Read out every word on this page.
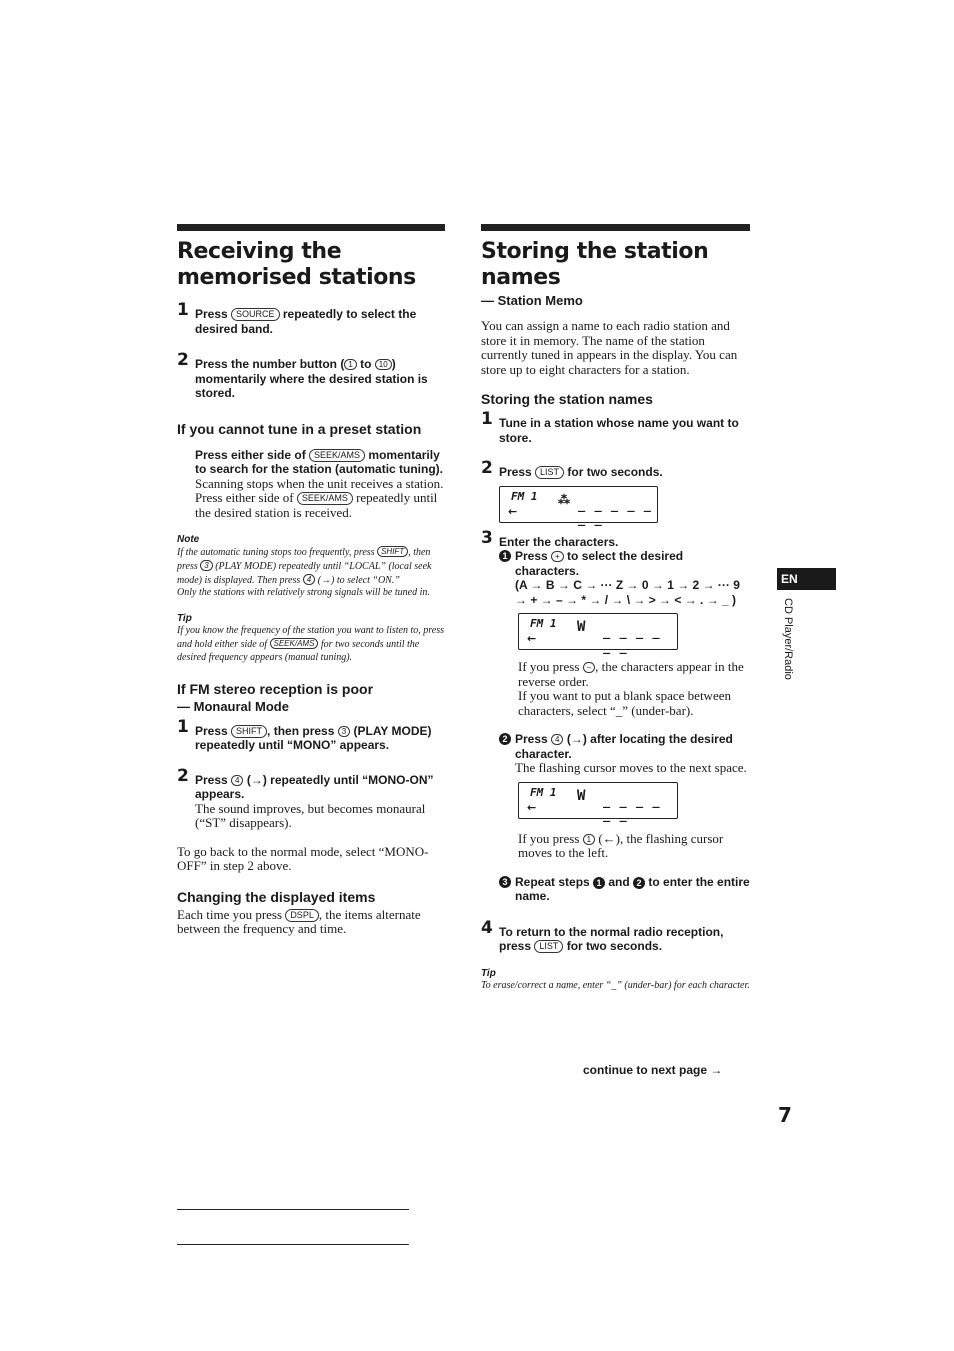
Receiving the memorised stations
1 Press SOURCE repeatedly to select the desired band.
2 Press the number button ( 1 to 10 ) momentarily where the desired station is stored.
If you cannot tune in a preset station
Press either side of SEEK/AMS momentarily to search for the station (automatic tuning).
Scanning stops when the unit receives a station. Press either side of SEEK/AMS repeatedly until the desired station is received.
Note
If the automatic tuning stops too frequently, press SHIFT , then press 3 (PLAY MODE) repeatedly until “LOCAL” (local seek mode) is displayed. Then press 4 (→) to select “ON.”
Only the stations with relatively strong signals will be tuned in.
Tip
If you know the frequency of the station you want to listen to, press and hold either side of SEEK/AMS for two seconds until the desired frequency appears (manual tuning).
If FM stereo reception is poor
— Monaural Mode
1 Press SHIFT , then press 3 (PLAY MODE) repeatedly until “MONO” appears.
2 Press 4 (→) repeatedly until “MONO-ON” appears.
The sound improves, but becomes monaural (“ST” disappears).
To go back to the normal mode, select “MONO-OFF” in step 2 above.
Changing the displayed items
Each time you press DSPL , the items alternate between the frequency and time.
Storing the station names
— Station Memo
You can assign a name to each radio station and store it in memory. The name of the station currently tuned in appears in the display. You can store up to eight characters for a station.
Storing the station names
1 Tune in a station whose name you want to store.
2 Press LIST for two seconds.
FM 1
←
⁂ _ _ _ _ _ _ _
3 Enter the characters.
1 Press + to select the desired characters.
(A → B → C → ··· Z → 0 → 1 → 2 → ··· 9 → + → – → * → / → \ → > → < → . → _ )
FM 1
←
W _ _ _ _ _ _
If you press – , the characters appear in the reverse order.
If you want to put a blank space between characters, select “_” (under-bar).
2 Press 4 (→) after locating the desired character.
The flashing cursor moves to the next space.
FM 1
←
W _ _ _ _ _ _
If you press 1 (←), the flashing cursor moves to the left.
3 Repeat steps 1 and 2 to enter the entire name.
4 To return to the normal radio reception, press LIST for two seconds.
Tip
To erase/correct a name, enter “_” (under-bar) for each character.
continue to next page →
EN
CD Player/Radio
7
